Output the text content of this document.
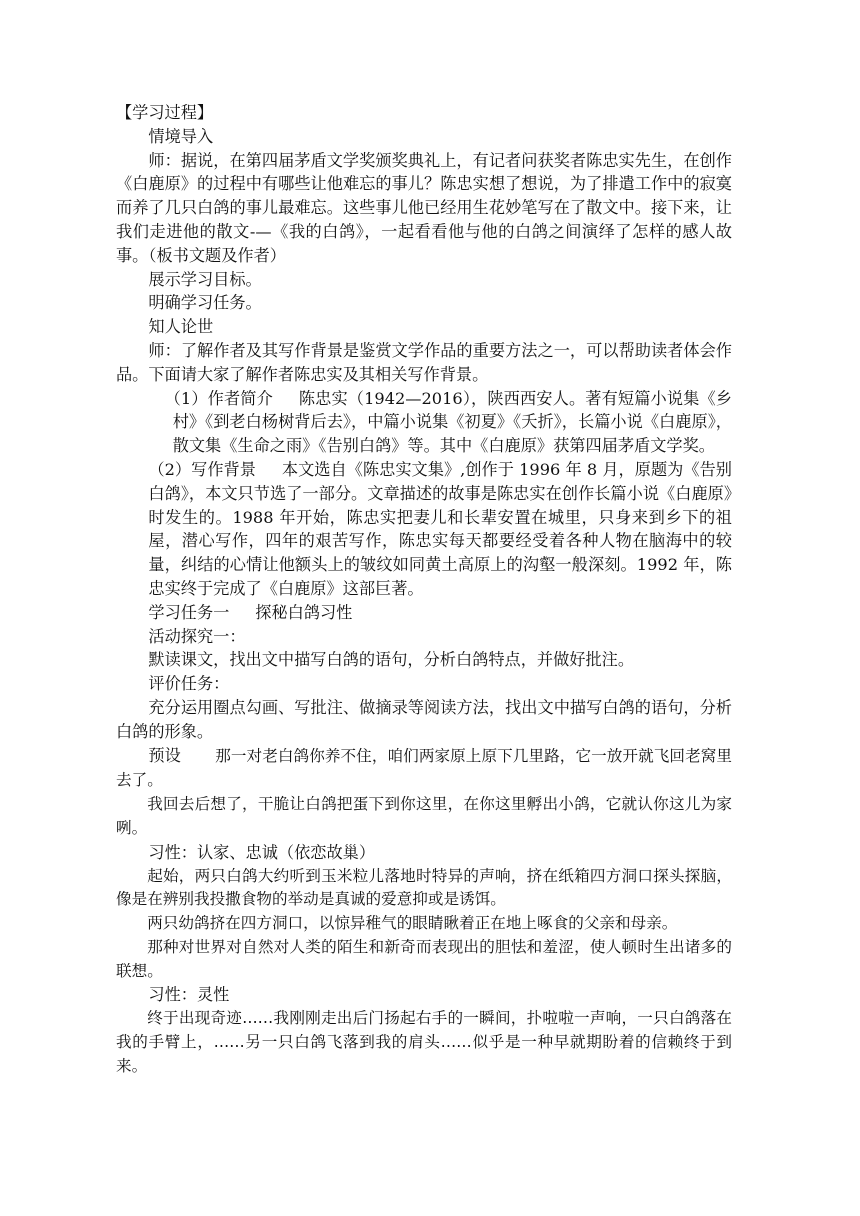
【学习过程】

情境导入

师：据说，在第四届茅盾文学奖颁奖典礼上，有记者问获奖者陈忠实先生，在创作《白鹿原》的过程中有哪些让他难忘的事儿？陈忠实想了想说，为了排遣工作中的寂寞而养了几只白鸽的事儿最难忘。这些事儿他已经用生花妙笔写在了散文中。接下来，让我们走进他的散文-—《我的白鸽》，一起看看他与他的白鸽之间演绎了怎样的感人故事。（板书文题及作者）

展示学习目标。

明确学习任务。

知人论世

师：了解作者及其写作背景是鉴赏文学作品的重要方法之一，可以帮助读者体会作品。下面请大家了解作者陈忠实及其相关写作背景。

（1）作者简介 陈忠实（1942—2016），陕西西安人。著有短篇小说集《乡村》《到老白杨树背后去》，中篇小说集《初夏》《夭折》，长篇小说《白鹿原》，散文集《生命之雨》《告别白鸽》等。其中《白鹿原》获第四届茅盾文学奖。

（2）写作背景 本文选自《陈忠实文集》,创作于 1996 年 8 月，原题为《告别白鸽》，本文只节选了一部分。文章描述的故事是陈忠实在创作长篇小说《白鹿原》时发生的。1988 年开始，陈忠实把妻儿和长辈安置在城里，只身来到乡下的祖屋，潜心写作，四年的艰苦写作，陈忠实每天都要经受着各种人物在脑海中的较量，纠结的心情让他额头上的皱纹如同黄土高原上的沟壑一般深刻。1992 年，陈忠实终于完成了《白鹿原》这部巨著。

学习任务一 探秘白鸽习性

活动探究一：

默读课文，找出文中描写白鸽的语句，分析白鸽特点，并做好批注。

评价任务：

充分运用圈点勾画、写批注、做摘录等阅读方法，找出文中描写白鸽的语句，分析白鸽的形象。

预设 那一对老白鸽你养不住，咱们两家原上原下几里路，它一放开就飞回老窝里去了。

我回去后想了，干脆让白鸽把蛋下到你这里，在你这里孵出小鸽，它就认你这儿为家咧。

习性：认家、忠诚（依恋故巢）

起始，两只白鸽大约听到玉米粒儿落地时特异的声响，挤在纸箱四方洞口探头探脑，像是在辨别我投撒食物的举动是真诚的爱意抑或是诱饵。

两只幼鸽挤在四方洞口，以惊异稚气的眼睛瞅着正在地上啄食的父亲和母亲。

那种对世界对自然对人类的陌生和新奇而表现出的胆怯和羞涩，使人顿时生出诸多的联想。

习性：灵性

终于出现奇迹……我刚刚走出后门扬起右手的一瞬间，扑啦啦一声响，一只白鸽落在我的手臂上，……另一只白鸽飞落到我的肩头……似乎是一种早就期盼着的信赖终于到来。
